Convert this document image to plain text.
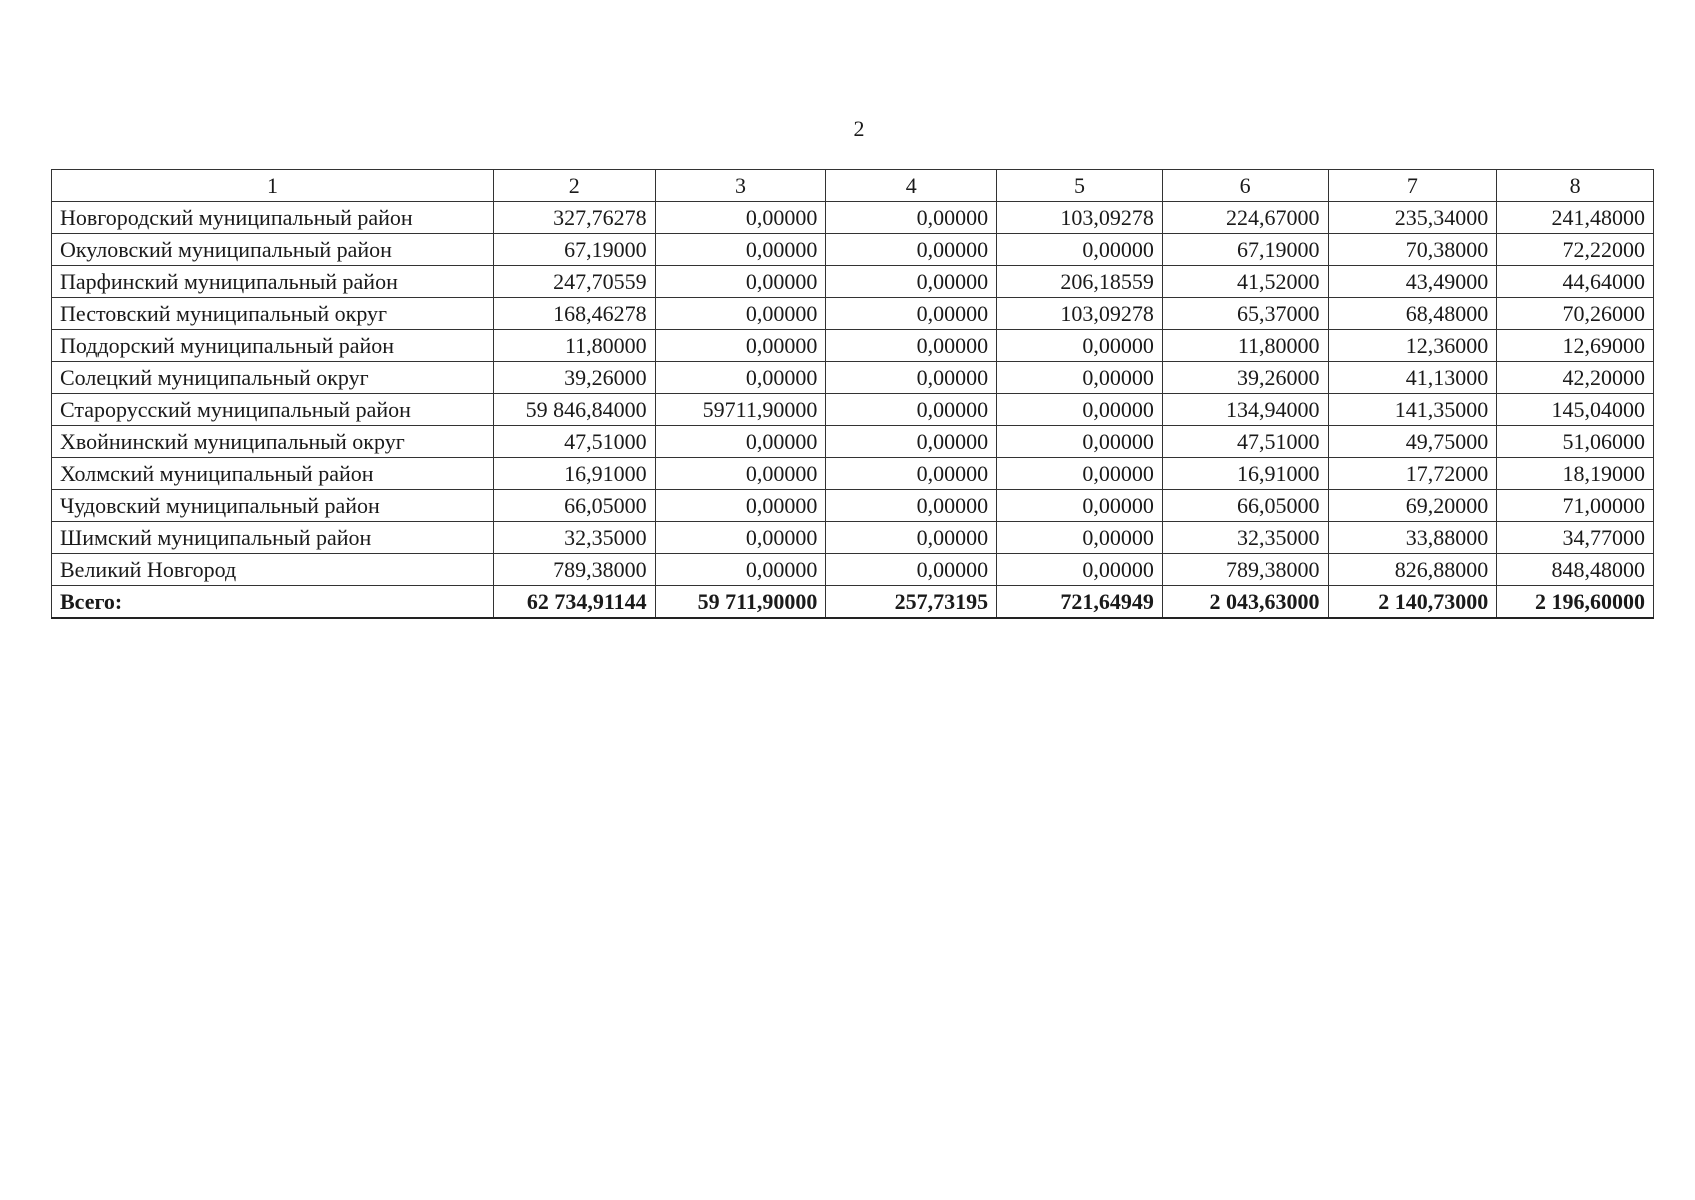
2
1	2	3	4	5	6	7	8
Новгородский муниципальный район	327,76278	0,00000	0,00000	103,09278	224,67000	235,34000	241,48000
Окуловский муниципальный район	67,19000	0,00000	0,00000	0,00000	67,19000	70,38000	72,22000
Парфинский муниципальный район	247,70559	0,00000	0,00000	206,18559	41,52000	43,49000	44,64000
Пестовский муниципальный округ	168,46278	0,00000	0,00000	103,09278	65,37000	68,48000	70,26000
Поддорский муниципальный район	11,80000	0,00000	0,00000	0,00000	11,80000	12,36000	12,69000
Солецкий муниципальный округ	39,26000	0,00000	0,00000	0,00000	39,26000	41,13000	42,20000
Старорусский муниципальный район	59 846,84000	59711,90000	0,00000	0,00000	134,94000	141,35000	145,04000
Хвойнинский муниципальный округ	47,51000	0,00000	0,00000	0,00000	47,51000	49,75000	51,06000
Холмский муниципальный район	16,91000	0,00000	0,00000	0,00000	16,91000	17,72000	18,19000
Чудовский муниципальный район	66,05000	0,00000	0,00000	0,00000	66,05000	69,20000	71,00000
Шимский муниципальный район	32,35000	0,00000	0,00000	0,00000	32,35000	33,88000	34,77000
Великий Новгород	789,38000	0,00000	0,00000	0,00000	789,38000	826,88000	848,48000
Всего:	62 734,91144	59 711,90000	257,73195	721,64949	2 043,63000	2 140,73000	2 196,60000
